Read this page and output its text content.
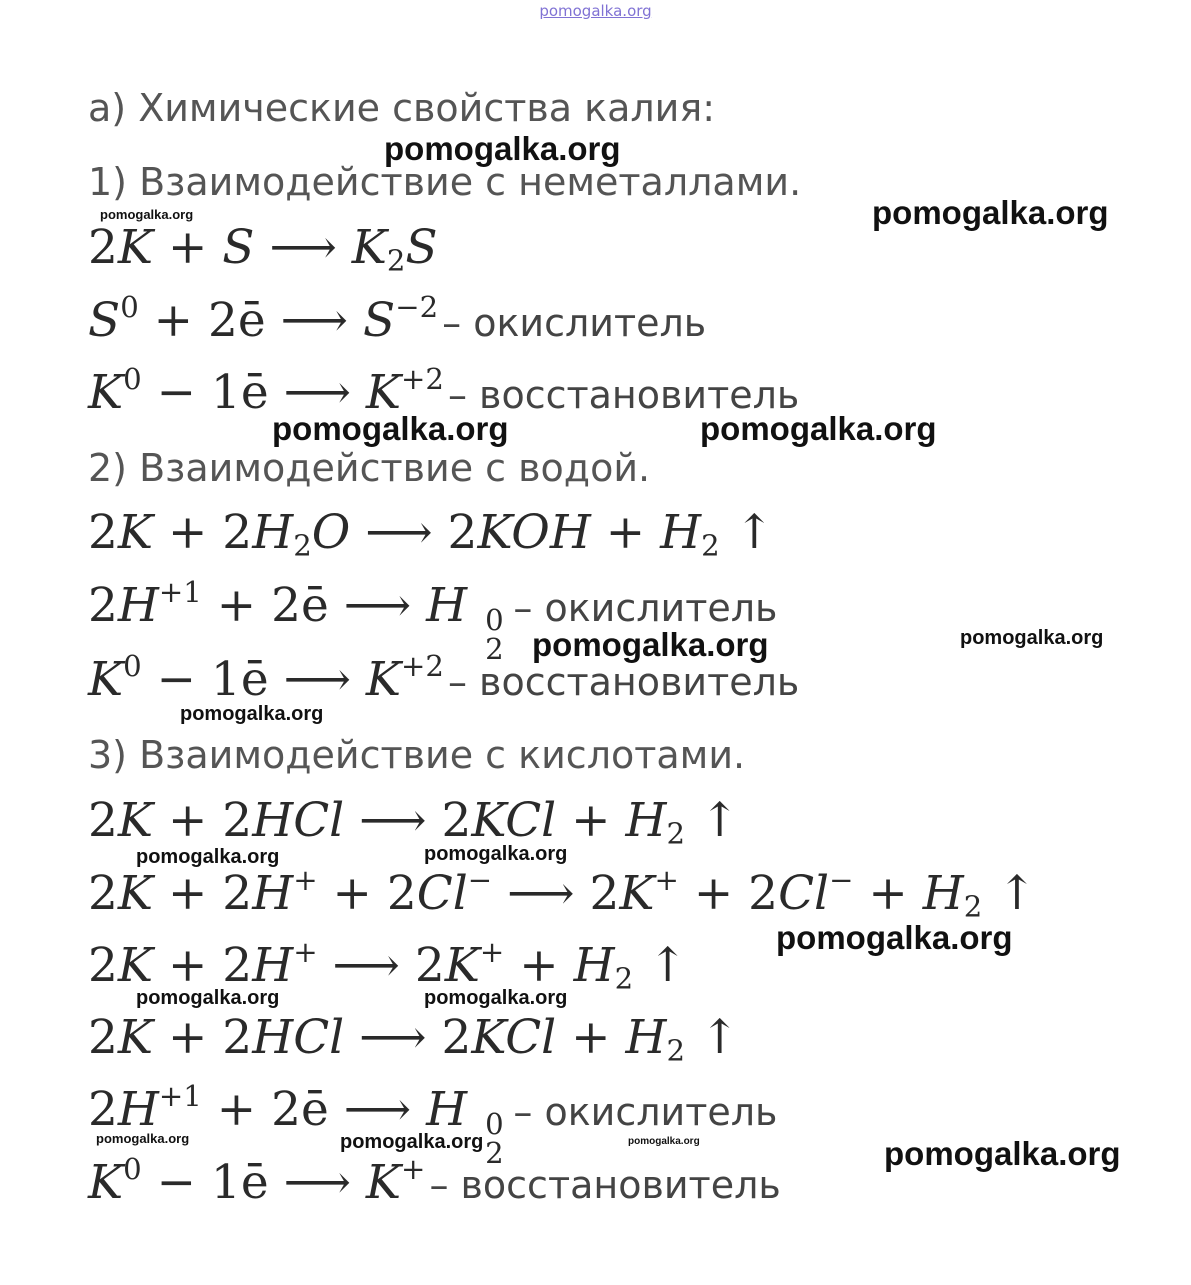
pomogalka.org
а) Химические свойства калия:
1) Взаимодействие с неметаллами.
2K + S ⟶ $K_2S$
$S^0$ + 2ē ⟶ $S^{-2}$ – окислитель
$K^0$ − 1ē ⟶ $K^{+2}$ – восстановитель
2) Взаимодействие с водой.
$2K + 2H_2O$ ⟶ $2KOH + H_2$ ↑
$2H^{+1}$ + 2ē ⟶ H 0
2
– окислитель
$K^0$ − 1ē ⟶ $K^{+2}$ – восстановитель
3) Взаимодействие с кислотами.
2K + 2HCl ⟶ $2KCl + H_2$ ↑
2K + 2H+ + 2Cl− ⟶ $2K^+ + 2Cl^- + H_2$ ↑
2K + 2H+ ⟶ $2K^+ + H_2$ ↑
2K + 2HCl ⟶ $2KCl + H_2$ ↑
$2H^{+1}$ + 2ē ⟶ H 0
2
– окислитель
$K^0$ − 1ē ⟶ K+ – восстановитель
pomogalka.org
pomogalka.org
pomogalka.org
pomogalka.org	pomogalka.org
pomogalka.org	pomogalka.org
pomogalka.org
pomogalka.org	pomogalka.org
pomogalka.org
pomogalka.org	pomogalka.org
pomogalka.org	pomogalka.org	pomogalka.org	pomogalka.org
